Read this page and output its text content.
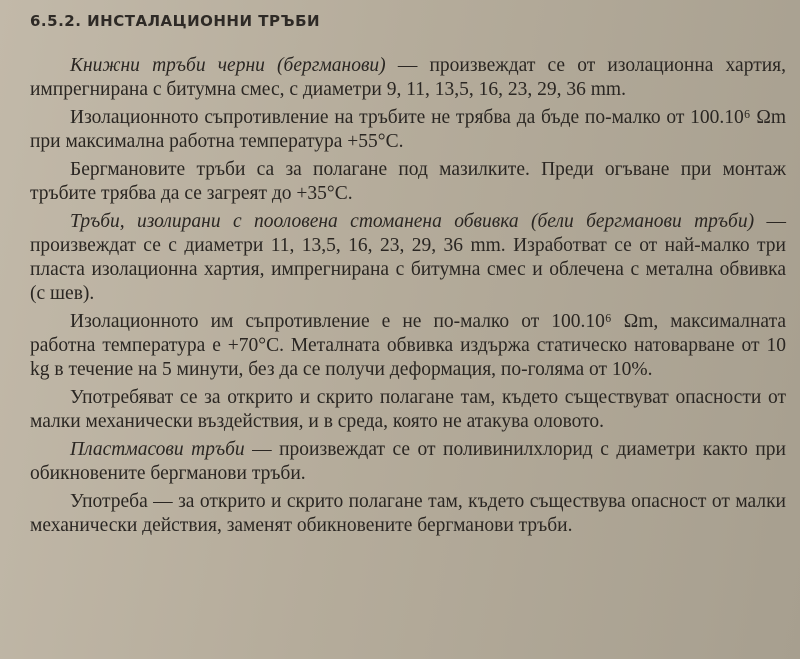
6.5.2. ИНСТАЛАЦИОННИ ТРЪБИ

Книжни тръби черни (бергманови) — произвеждат се от изолационна хартия, импрегнирана с битумна смес, с диаметри 9, 11, 13,5, 16, 23, 29, 36 mm.

Изолационното съпротивление на тръбите не трябва да бъде по-малко от 100.10⁶ Ωm при максимална работна температура +55°C.

Бергмановите тръби са за полагане под мазилките. Преди огъване при монтаж тръбите трябва да се загреят до +35°C.

Тръби, изолирани с пооловена стоманена обвивка (бели бергманови тръби) — произвеждат се с диаметри 11, 13,5, 16, 23, 29, 36 mm. Изработват се от най-малко три пласта изолационна хартия, импрегнирана с битумна смес и облечена с метална обвивка (с шев).

Изолационното им съпротивление е не по-малко от 100.10⁶ Ωm, максималната работна температура е +70°C. Металната обвивка издържа статическо натоварване от 10 kg в течение на 5 минути, без да се получи деформация, по-голяма от 10%.

Употребяват се за открито и скрито полагане там, където съществуват опасности от малки механически въздействия, и в среда, която не атакува оловото.

Пластмасови тръби — произвеждат се от поливинилхлорид с диаметри както при обикновените бергманови тръби.

Употреба — за открито и скрито полагане там, където съществува опасност от малки механически действия, заменят обикновените бергманови тръби.
